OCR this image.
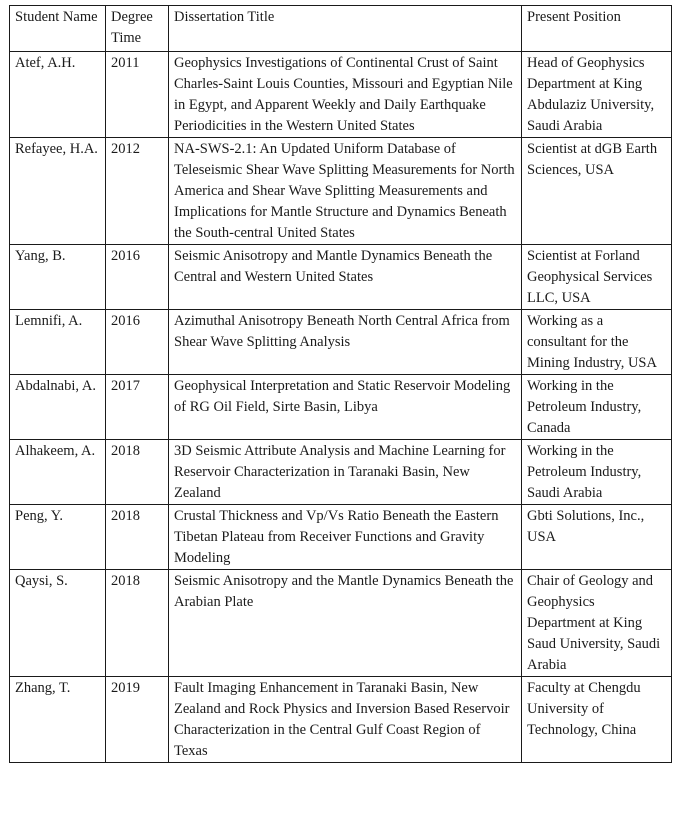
Student Name	Degree Time	Dissertation Title	Present Position
Atef, A.H.	2011	Geophysics Investigations of Continental Crust of Saint Charles-Saint Louis Counties, Missouri and Egyptian Nile in Egypt, and Apparent Weekly and Daily Earthquake Periodicities in the Western United States	Head of Geophysics Department at King Abdulaziz University, Saudi Arabia
Refayee, H.A.	2012	NA-SWS-2.1: An Updated Uniform Database of Teleseismic Shear Wave Splitting Measurements for North America and Shear Wave Splitting Measurements and Implications for Mantle Structure and Dynamics Beneath the South-central United States	Scientist at dGB Earth Sciences, USA
Yang, B.	2016	Seismic Anisotropy and Mantle Dynamics Beneath the Central and Western United States	Scientist at Forland Geophysical Services LLC, USA
Lemnifi, A.	2016	Azimuthal Anisotropy Beneath North Central Africa from Shear Wave Splitting Analysis	Working as a consultant for the Mining Industry, USA
Abdalnabi, A.	2017	Geophysical Interpretation and Static Reservoir Modeling of RG Oil Field, Sirte Basin, Libya	Working in the Petroleum Industry, Canada
Alhakeem, A.	2018	3D Seismic Attribute Analysis and Machine Learning for Reservoir Characterization in Taranaki Basin, New Zealand	Working in the Petroleum Industry, Saudi Arabia
Peng, Y.	2018	Crustal Thickness and Vp/Vs Ratio Beneath the Eastern Tibetan Plateau from Receiver Functions and Gravity Modeling	Gbti Solutions, Inc., USA
Qaysi, S.	2018	Seismic Anisotropy and the Mantle Dynamics Beneath the Arabian Plate	Chair of Geology and Geophysics Department at King Saud University, Saudi Arabia
Zhang, T.	2019	Fault Imaging Enhancement in Taranaki Basin, New Zealand and Rock Physics and Inversion Based Reservoir Characterization in the Central Gulf Coast Region of Texas	Faculty at Chengdu University of Technology, China
